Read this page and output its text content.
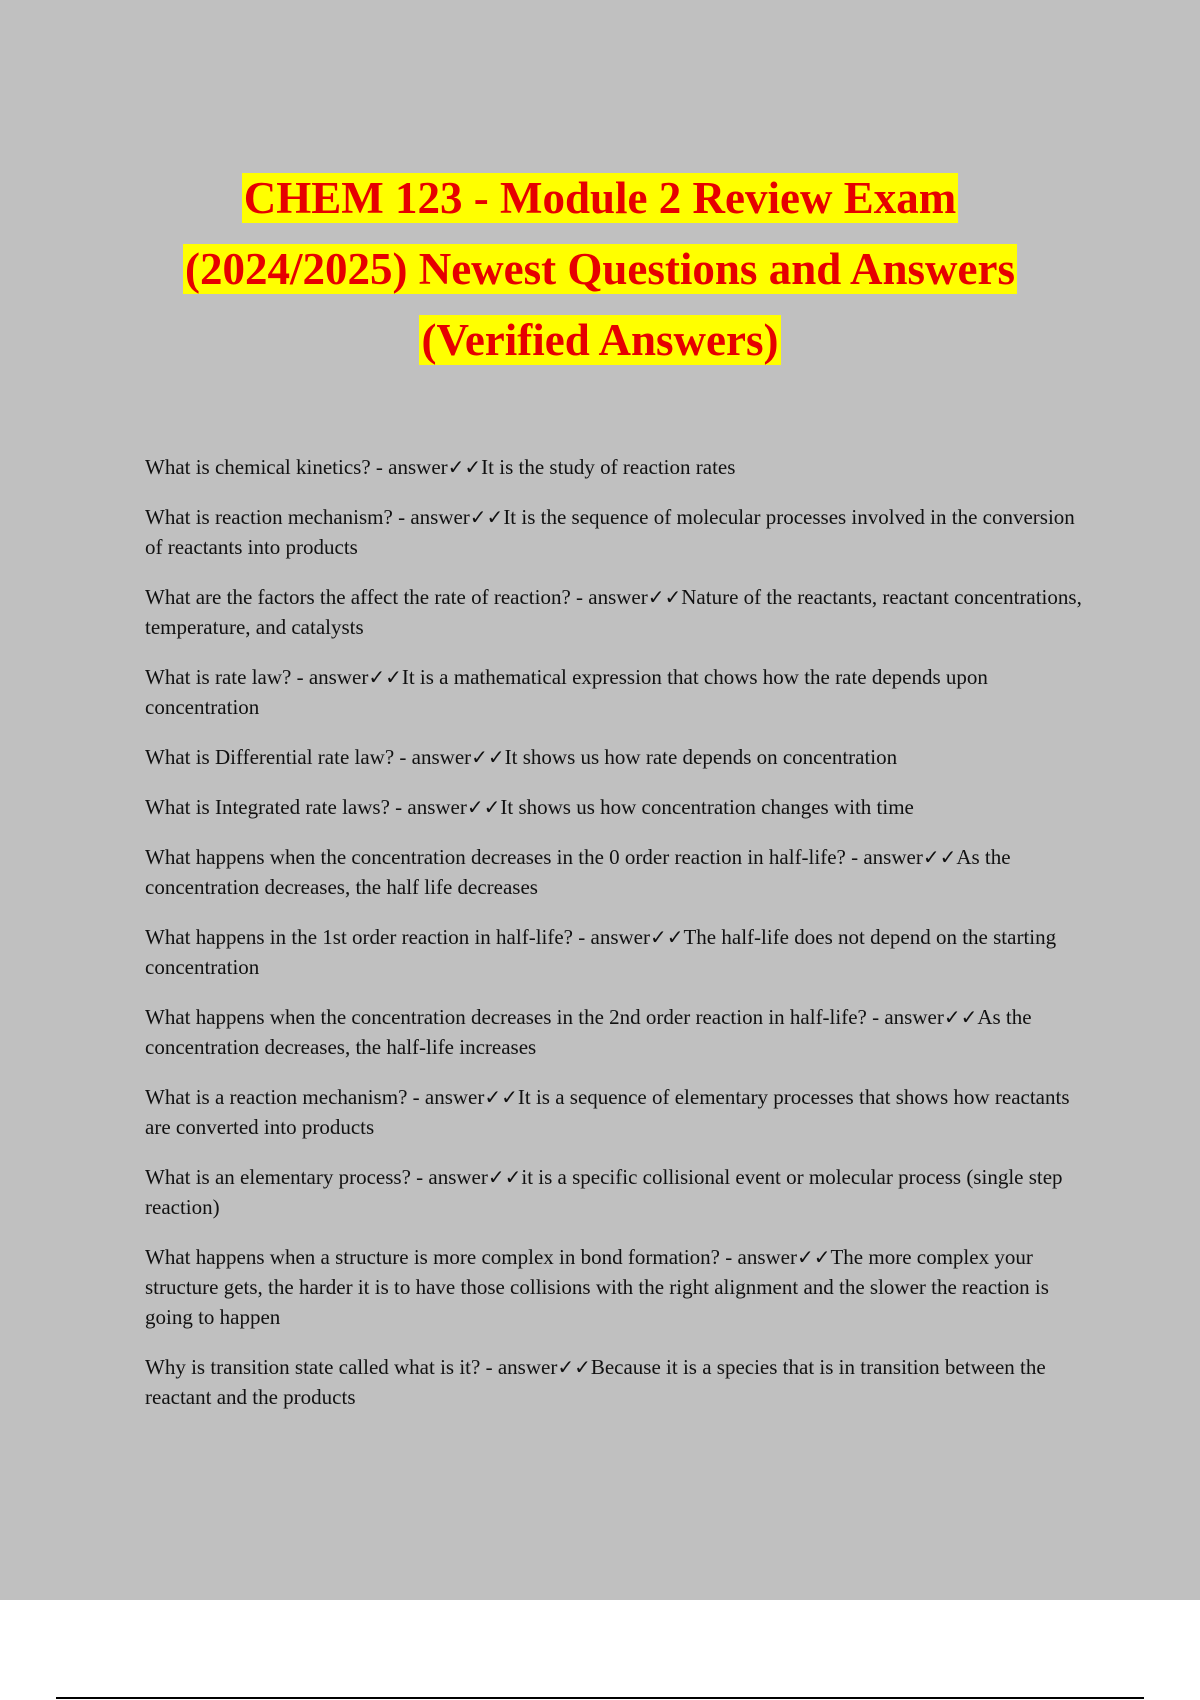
CHEM 123 - Module 2 Review Exam
(2024/2025) Newest Questions and Answers
(Verified Answers)

What is chemical kinetics? - answer✓✓It is the study of reaction rates

What is reaction mechanism? - answer✓✓It is the sequence of molecular processes involved in the conversion of reactants into products

What are the factors the affect the rate of reaction? - answer✓✓Nature of the reactants, reactant concentrations, temperature, and catalysts

What is rate law? - answer✓✓It is a mathematical expression that chows how the rate depends upon concentration

What is Differential rate law? - answer✓✓It shows us how rate depends on concentration

What is Integrated rate laws? - answer✓✓It shows us how concentration changes with time

What happens when the concentration decreases in the 0 order reaction in half-life? - answer✓✓As the concentration decreases, the half life decreases

What happens in the 1st order reaction in half-life? - answer✓✓The half-life does not depend on the starting concentration

What happens when the concentration decreases in the 2nd order reaction in half-life? - answer✓✓As the concentration decreases, the half-life increases

What is a reaction mechanism? - answer✓✓It is a sequence of elementary processes that shows how reactants are converted into products

What is an elementary process? - answer✓✓it is a specific collisional event or molecular process (single step reaction)

What happens when a structure is more complex in bond formation? - answer✓✓The more complex your structure gets, the harder it is to have those collisions with the right alignment and the slower the reaction is going to happen

Why is transition state called what is it? - answer✓✓Because it is a species that is in transition between the reactant and the products
